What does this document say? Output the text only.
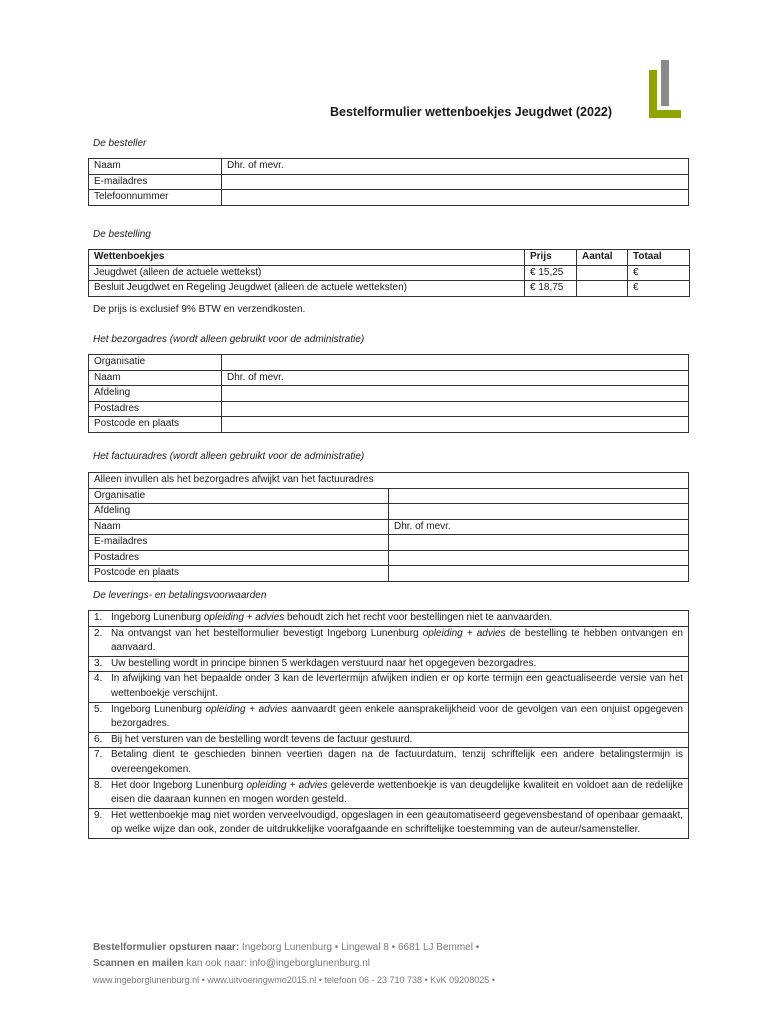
Bestelformulier wettenboekjes Jeugdwet (2022)
De besteller
Naam	Dhr. of mevr.
E-mailadres	
Telefoonnummer	
De bestelling
Wettenboekjes	Prijs	Aantal	Totaal
Jeugdwet (alleen de actuele wettekst)	€ 15,25		€
Besluit Jeugdwet en Regeling Jeugdwet (alleen de actuele wetteksten)	€ 18,75		€
De prijs is exclusief 9% BTW en verzendkosten.
Het bezorgadres (wordt alleen gebruikt voor de administratie)
Organisatie	
Naam	Dhr. of mevr.
Afdeling	
Postadres	
Postcode en plaats	
Het factuuradres (wordt alleen gebruikt voor de administratie)
Alleen invullen als het bezorgadres afwijkt van het factuuradres	
Organisatie	
Afdeling	
Naam	Dhr. of mevr.
E-mailadres	
Postadres	
Postcode en plaats	
De leverings- en betalingsvoorwaarden
1. Ingeborg Lunenburg opleiding + advies behoudt zich het recht voor bestellingen niet te aanvaarden.

2. Na ontvangst van het bestelformulier bevestigt Ingeborg Lunenburg opleiding + advies de bestelling te hebben ontvangen en aanvaard.

3. Uw bestelling wordt in principe binnen 5 werkdagen verstuurd naar het opgegeven bezorgadres.

4. In afwijking van het bepaalde onder 3 kan de levertermijn afwijken indien er op korte termijn een geactualiseerde versie van het wettenboekje verschijnt.

5. Ingeborg Lunenburg opleiding + advies aanvaardt geen enkele aansprakelijkheid voor de gevolgen van een onjuist opgegeven bezorgadres.

6. Bij het versturen van de bestelling wordt tevens de factuur gestuurd.

7. Betaling dient te geschieden binnen veertien dagen na de factuurdatum, tenzij schriftelijk een andere betalingstermijn is overeengekomen.

8. Het door Ingeborg Lunenburg opleiding + advies geleverde wettenboekje is van deugdelijke kwaliteit en voldoet aan de redelijke eisen die daaraan kunnen en mogen worden gesteld.

9. Het wettenboekje mag niet worden verveelvoudigd, opgeslagen in een geautomatiseerd gegevensbestand of openbaar gemaakt, op welke wijze dan ook, zonder de uitdrukkelijke voorafgaande en schriftelijke toestemming van de auteur/samensteller.
Bestelformulier opsturen naar: Ingeborg Lunenburg • Lingewal 8 • 6681 LJ Bemmel •
Scannen en mailen kan ook naar: info@ingeborglunenburg.nl
www.ingeborglunenburg.nl • www.uitvoeringwmo2015.nl • telefoon 06 - 23 710 738 • KvK 09208025 •
